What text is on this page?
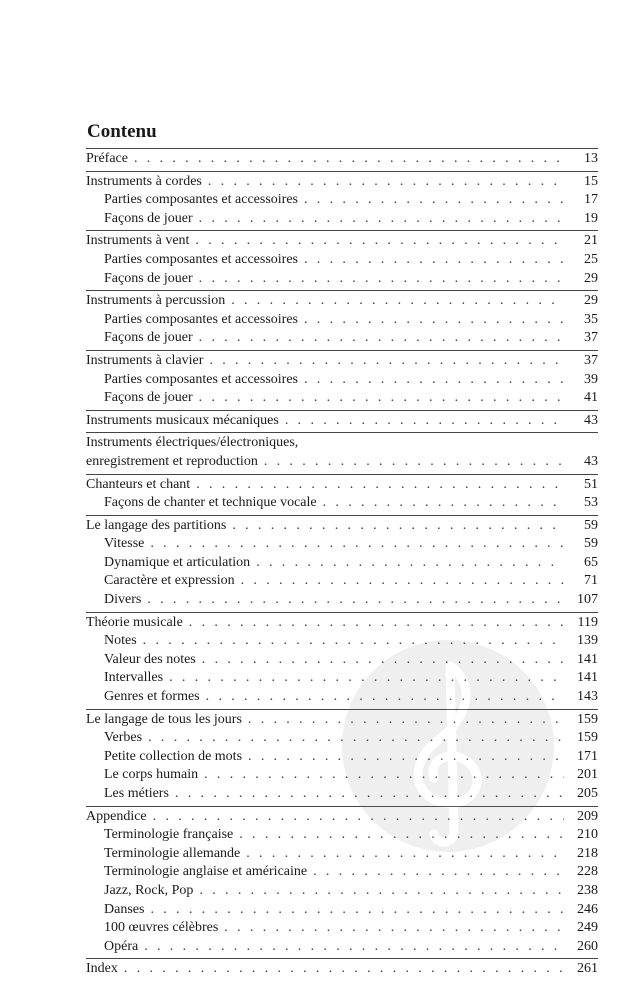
Contenu
Préface . . .	13
Instruments à cordes . . .	15
Parties composantes et accessoires . . .	17
Façons de jouer . . .	19
Instruments à vent . . .	21
Parties composantes et accessoires . . .	25
Façons de jouer . . .	29
Instruments à percussion . . .	29
Parties composantes et accessoires . . .	35
Façons de jouer . . .	37
Instruments à clavier . . .	37
Parties composantes et accessoires . . .	39
Façons de jouer . . .	41
Instruments musicaux mécaniques . . .	43
Instruments électriques/électroniques,
enregistrement et reproduction . . .	43
Chanteurs et chant . . .	51
Façons de chanter et technique vocale . . .	53
Le langage des partitions . . .	59
Vitesse . . .	59
Dynamique et articulation . . .	65
Caractère et expression . . .	71
Divers . . .	107
Théorie musicale . . .	119
Notes . . .	139
Valeur des notes . . .	141
Intervalles . . .	141
Genres et formes . . .	143
Le langage de tous les jours . . .	159
Verbes . . .	159
Petite collection de mots . . .	171
Le corps humain . . .	201
Les métiers . . .	205
Appendice . . .	209
Terminologie française . . .	210
Terminologie allemande . . .	218
Terminologie anglaise et américaine . . .	228
Jazz, Rock, Pop . . .	238
Danses . . .	246
100 œuvres célèbres . . .	249
Opéra . . .	260
Index . . .	261
